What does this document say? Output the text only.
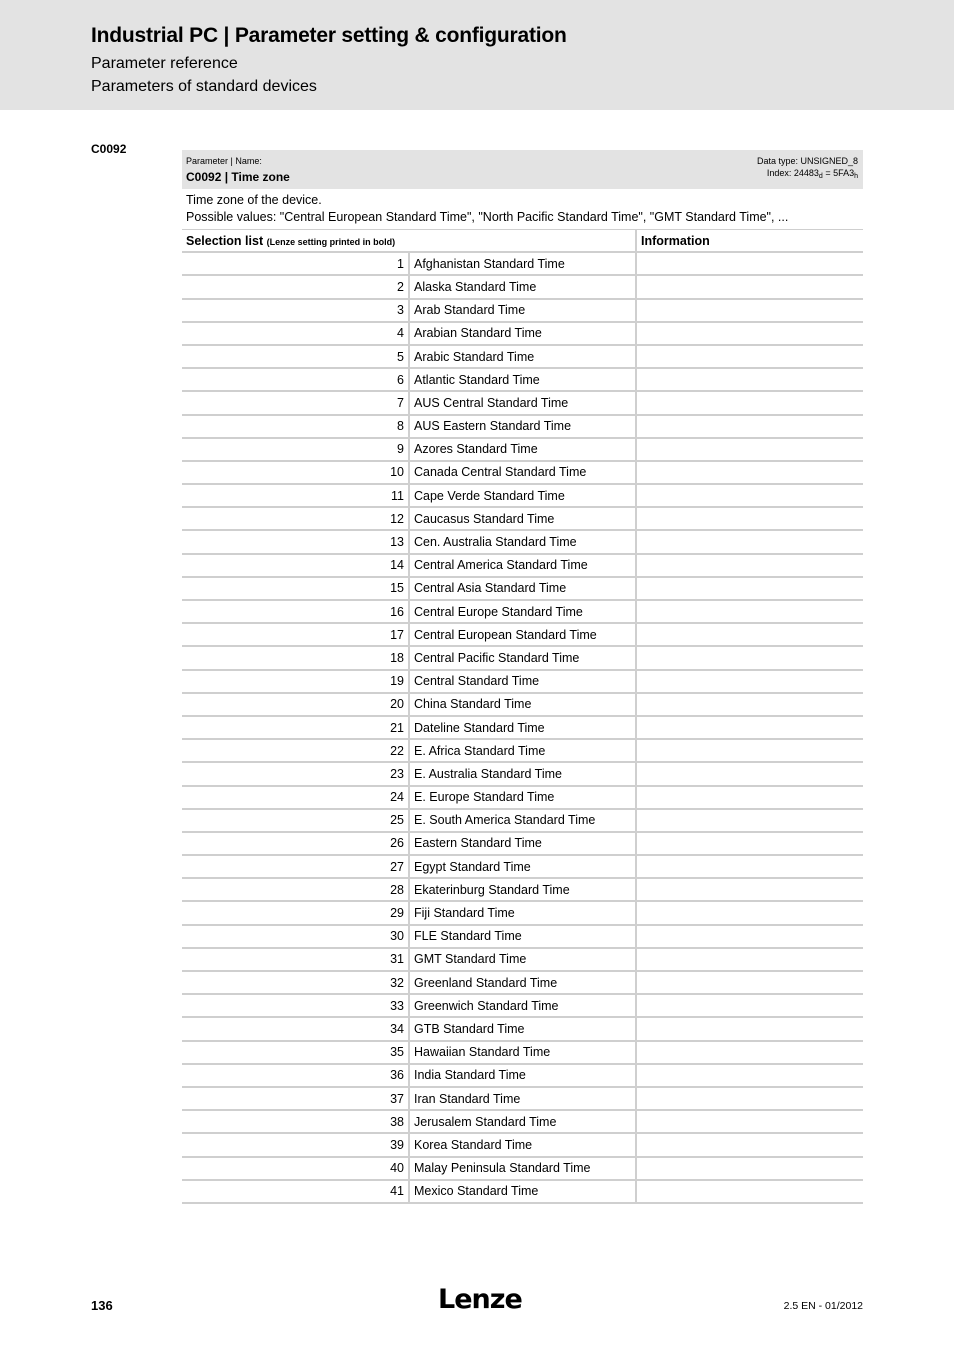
Industrial PC | Parameter setting & configuration
Parameter reference
Parameters of standard devices
C0092
Parameter | Name:
C0092 | Time zone
Data type: UNSIGNED_8
Index: $24483_d = 5FA3_h$
Time zone of the device.
Possible values: "Central European Standard Time", "North Pacific Standard Time", "GMT Standard Time", ...
Selection list (Lenze setting printed in bold)		Information
1	Afghanistan Standard Time	
2	Alaska Standard Time	
3	Arab Standard Time	
4	Arabian Standard Time	
5	Arabic Standard Time	
6	Atlantic Standard Time	
7	AUS Central Standard Time	
8	AUS Eastern Standard Time	
9	Azores Standard Time	
10	Canada Central Standard Time	
11	Cape Verde Standard Time	
12	Caucasus Standard Time	
13	Cen. Australia Standard Time	
14	Central America Standard Time	
15	Central Asia Standard Time	
16	Central Europe Standard Time	
17	Central European Standard Time	
18	Central Pacific Standard Time	
19	Central Standard Time	
20	China Standard Time	
21	Dateline Standard Time	
22	E. Africa Standard Time	
23	E. Australia Standard Time	
24	E. Europe Standard Time	
25	E. South America Standard Time	
26	Eastern Standard Time	
27	Egypt Standard Time	
28	Ekaterinburg Standard Time	
29	Fiji Standard Time	
30	FLE Standard Time	
31	GMT Standard Time	
32	Greenland Standard Time	
33	Greenwich Standard Time	
34	GTB Standard Time	
35	Hawaiian Standard Time	
36	India Standard Time	
37	Iran Standard Time	
38	Jerusalem Standard Time	
39	Korea Standard Time	
40	Malay Peninsula Standard Time	
41	Mexico Standard Time	
136	Lenze	2.5 EN - 01/2012
